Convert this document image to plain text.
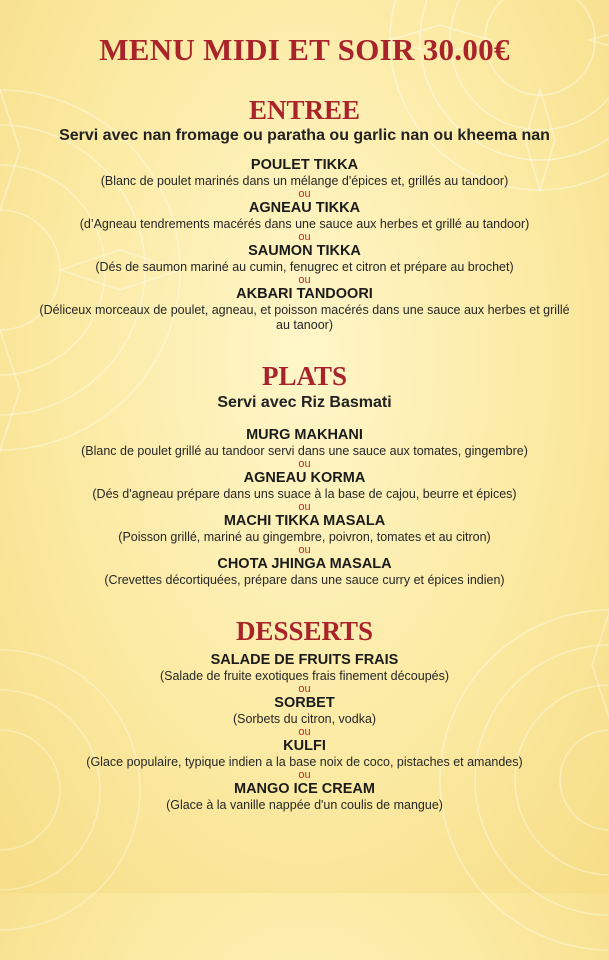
MENU MIDI ET SOIR 30.00€
ENTREE
Servi avec nan fromage ou paratha ou garlic nan ou kheema nan
POULET TIKKA
(Blanc de poulet marinés dans un mélange d'épices et, grillés au tandoor)
ou
AGNEAU TIKKA
(d’Agneau tendrements macérés dans une sauce aux herbes et grillé au tandoor)
ou
SAUMON TIKKA
(Dés de saumon mariné au cumin, fenugrec et citron et prépare au brochet)
ou
AKBARI TANDOORI
(Déliceux morceaux de poulet, agneau, et poisson macérés dans une sauce aux herbes et grillé au tanoor)
PLATS
Servi avec Riz Basmati
MURG MAKHANI
(Blanc de poulet grillé au tandoor servi dans une sauce aux tomates, gingembre)
ou
AGNEAU KORMA
(Dés d'agneau prépare dans uns suace à la base de cajou, beurre et épices)
ou
MACHI TIKKA MASALA
(Poisson grillé, mariné au gingembre, poivron, tomates et au citron)
ou
CHOTA JHINGA MASALA
(Crevettes décortiquées, prépare dans une sauce curry et épices indien)
DESSERTS
SALADE DE FRUITS FRAIS
(Salade de fruite exotiques frais finement découpés)
ou
SORBET
(Sorbets du citron, vodka)
ou
KULFI
(Glace populaire, typique indien a la base noix de coco, pistaches et amandes)
ou
MANGO ICE CREAM
(Glace à la vanille nappée d'un coulis de mangue)
